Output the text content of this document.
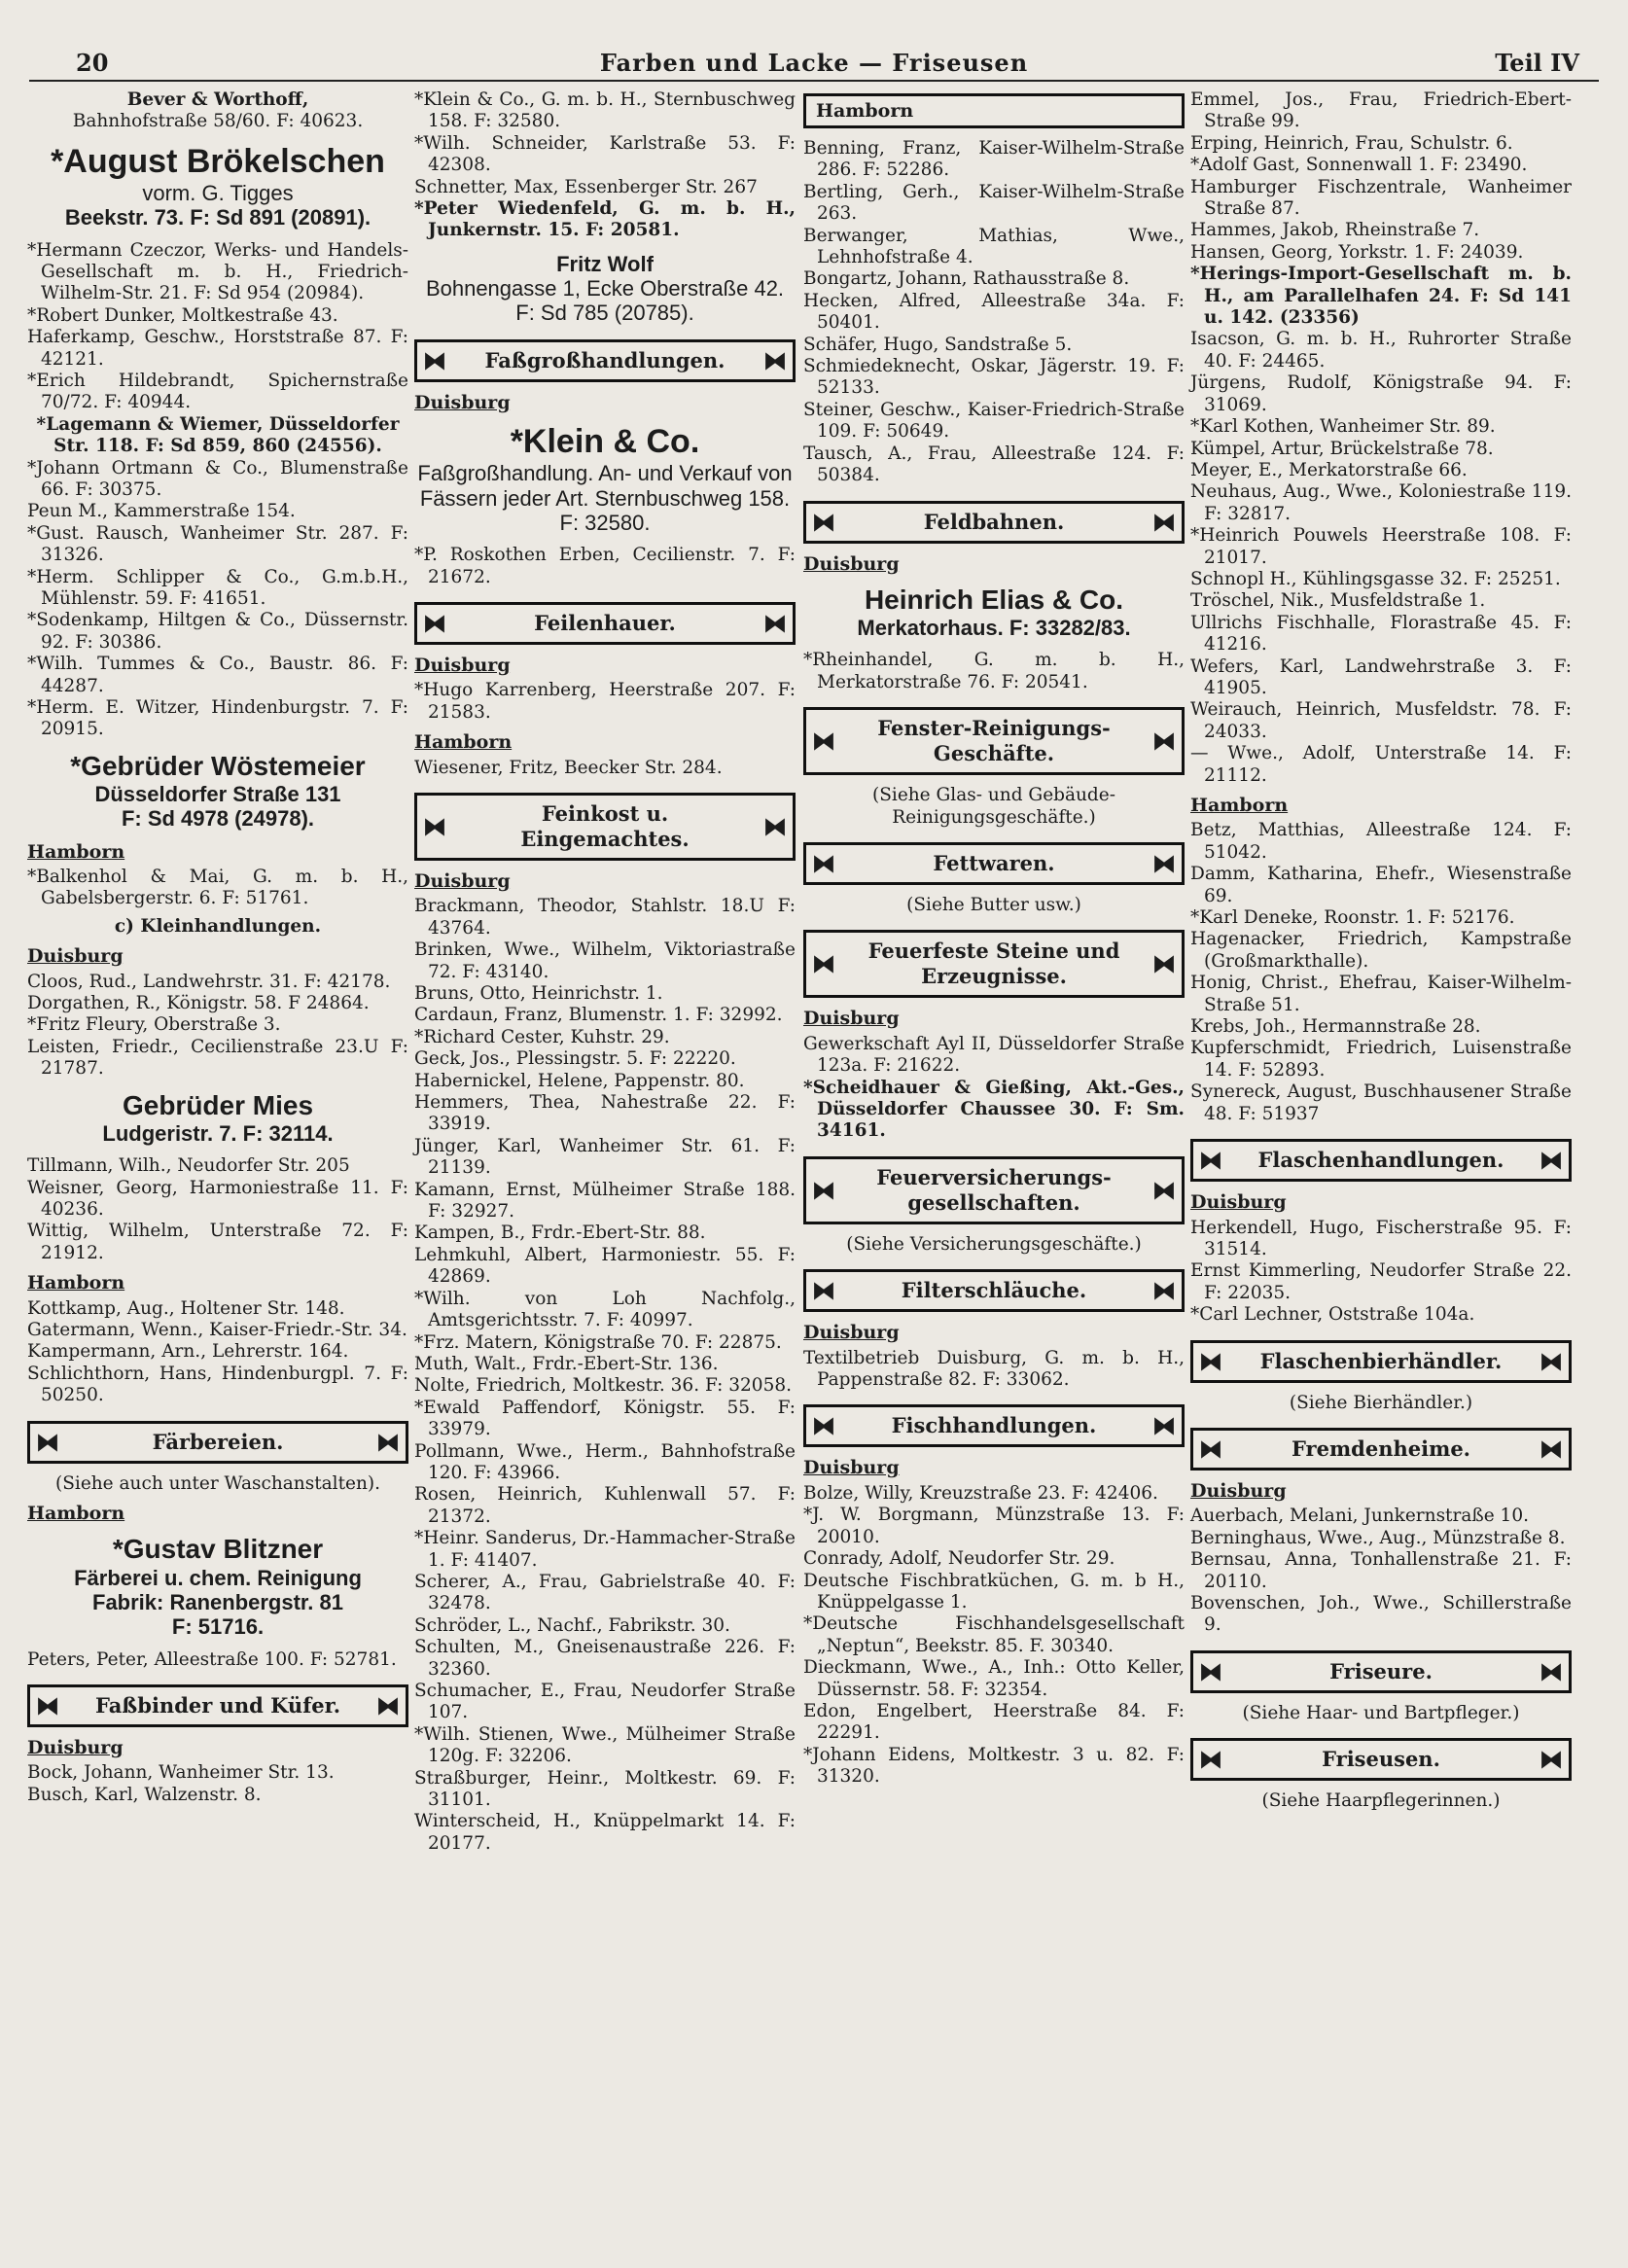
20	Farben und Lacke — Friseusen	Teil IV

Bever & Worthoff,

Bahnhofstraße 58/60. F: 40623.

*August Brökelschen
vorm. G. Tigges
Beekstr. 73. F: Sd 891 (20891).

*Hermann Czeczor, Werks- und Handels-Gesellschaft m. b. H., Friedrich-Wilhelm-Str. 21. F: Sd 954 (20984).

*Robert Dunker, Moltkestraße 43.

Haferkamp, Geschw., Horststraße 87. F: 42121.

*Erich Hildebrandt, Spichernstraße 70/72. F: 40944.

*Lagemann & Wiemer, Düsseldorfer Str. 118. F: Sd 859, 860 (24556).

*Johann Ortmann & Co., Blumenstraße 66. F: 30375.

Peun M., Kammerstraße 154.

*Gust. Rausch, Wanheimer Str. 287. F: 31326.

*Herm. Schlipper & Co., G.m.b.H., Mühlenstr. 59. F: 41651.

*Sodenkamp, Hiltgen & Co., Düssernstr. 92. F: 30386.

*Wilh. Tummes & Co., Baustr. 86. F: 44287.

*Herm. E. Witzer, Hindenburgstr. 7. F: 20915.

*Gebrüder Wöstemeier
Düsseldorfer Straße 131
F: Sd 4978 (24978).
Hamborn

*Balkenhol & Mai, G. m. b. H., Gabelsbergerstr. 6. F: 51761.

c) Kleinhandlungen.
Duisburg

Cloos, Rud., Landwehrstr. 31. F: 42178.

Dorgathen, R., Königstr. 58. F 24864.

*Fritz Fleury, Oberstraße 3.

Leisten, Friedr., Cecilienstraße 23.U F: 21787.

Gebrüder Mies
Ludgeristr. 7. F: 32114.

Tillmann, Wilh., Neudorfer Str. 205

Weisner, Georg, Harmoniestraße 11. F: 40236.

Wittig, Wilhelm, Unterstraße 72. F: 21912.

Hamborn

Kottkamp, Aug., Holtener Str. 148.

Gatermann, Wenn., Kaiser-Friedr.-Str. 34.

Kampermann, Arn., Lehrerstr. 164.

Schlichthorn, Hans, Hindenburgpl. 7. F: 50250.

⧓	Färbereien.	⧓
(Siehe auch unter Waschanstalten).
Hamborn
*Gustav Blitzner
Färberei u. chem. Reinigung
Fabrik: Ranenbergstr. 81
F: 51716.

Peters, Peter, Alleestraße 100. F: 52781.

⧓ Faßbinder und Küfer. ⧓
Duisburg

Bock, Johann, Wanheimer Str. 13.

Busch, Karl, Walzenstr. 8.

*Klein & Co., G. m. b. H., Sternbuschweg 158. F: 32580.

*Wilh. Schneider, Karlstraße 53. F: 42308.

Schnetter, Max, Essenberger Str. 267

*Peter Wiedenfeld, G. m. b. H., Junkernstr. 15. F: 20581.

Fritz Wolf
Bohnengasse 1, Ecke Oberstraße 42. F: Sd 785 (20785).
⧓ Faßgroßhandlungen. ⧓
Duisburg
*Klein & Co.
Faßgroßhandlung. An- und Verkauf von Fässern jeder Art. Sternbuschweg 158.
F: 32580.

*P. Roskothen Erben, Cecilienstr. 7. F: 21672.

⧓	Feilenhauer.	⧓
Duisburg

*Hugo Karrenberg, Heerstraße 207. F: 21583.

Hamborn

Wiesener, Fritz, Beecker Str. 284.

⧓	Feinkost u. Eingemachtes.	⧓
Duisburg

Brackmann, Theodor, Stahlstr. 18.U F: 43764.

Brinken, Wwe., Wilhelm, Viktoriastraße 72. F: 43140.

Bruns, Otto, Heinrichstr. 1.

Cardaun, Franz, Blumenstr. 1. F: 32992.

*Richard Cester, Kuhstr. 29.

Geck, Jos., Plessingstr. 5. F: 22220.

Habernickel, Helene, Pappenstr. 80.

Hemmers, Thea, Nahestraße 22. F: 33919.

Jünger, Karl, Wanheimer Str. 61. F: 21139.

Kamann, Ernst, Mülheimer Straße 188. F: 32927.

Kampen, B., Frdr.-Ebert-Str. 88.

Lehmkuhl, Albert, Harmoniestr. 55. F: 42869.

*Wilh. von Loh Nachfolg., Amtsgerichtsstr. 7. F: 40997.

*Frz. Matern, Königstraße 70. F: 22875.

Muth, Walt., Frdr.-Ebert-Str. 136.

Nolte, Friedrich, Moltkestr. 36. F: 32058.

*Ewald Paffendorf, Königstr. 55. F: 33979.

Pollmann, Wwe., Herm., Bahnhofstraße 120. F: 43966.

Rosen, Heinrich, Kuhlenwall 57. F: 21372.

*Heinr. Sanderus, Dr.-Hammacher-Straße 1. F: 41407.

Scherer, A., Frau, Gabrielstraße 40. F: 32478.

Schröder, L., Nachf., Fabrikstr. 30.

Schulten, M., Gneisenaustraße 226. F: 32360.

Schumacher, E., Frau, Neudorfer Straße 107.

*Wilh. Stienen, Wwe., Mülheimer Straße 120g. F: 32206.

Straßburger, Heinr., Moltkestr. 69. F: 31101.

Winterscheid, H., Knüppelmarkt 14. F: 20177.

Hamborn

Benning, Franz, Kaiser-Wilhelm-Straße 286. F: 52286.

Bertling, Gerh., Kaiser-Wilhelm-Straße 263.

Berwanger, Mathias, Wwe., Lehnhofstraße 4.

Bongartz, Johann, Rathausstraße 8.

Hecken, Alfred, Alleestraße 34a. F: 50401.

Schäfer, Hugo, Sandstraße 5.

Schmiedeknecht, Oskar, Jägerstr. 19. F: 52133.

Steiner, Geschw., Kaiser-Friedrich-Straße 109. F: 50649.

Tausch, A., Frau, Alleestraße 124. F: 50384.

⧓	Feldbahnen.	⧓
Duisburg
Heinrich Elias & Co.
Merkatorhaus. F: 33282/83.

*Rheinhandel, G. m. b. H., Merkatorstraße 76. F: 20541.

⧓ Fenster-Reinigungs-Geschäfte.	⧓
(Siehe Glas- und Gebäude-Reinigungsgeschäfte.)
⧓	Fettwaren.	⧓
(Siehe Butter usw.)
⧓ Feuerfeste Steine und Erzeugnisse.	⧓
Duisburg

Gewerkschaft Ayl II, Düsseldorfer Straße 123a. F: 21622.

*Scheidhauer & Gießing, Akt.-Ges., Düsseldorfer Chaussee 30. F: Sm. 34161.

⧓ Feuerversicherungs-gesellschaften.	⧓
(Siehe Versicherungsgeschäfte.)
⧓	Filterschläuche.	⧓
Duisburg

Textilbetrieb Duisburg, G. m. b. H., Pappenstraße 82. F: 33062.

⧓	Fischhandlungen. ⧓
Duisburg

Bolze, Willy, Kreuzstraße 23. F: 42406.

*J. W. Borgmann, Münzstraße 13. F: 20010.

Conrady, Adolf, Neudorfer Str. 29.

Deutsche Fischbratküchen, G. m. b H., Knüppelgasse 1.

*Deutsche Fischhandelsgesellschaft „Neptun“, Beekstr. 85. F. 30340.

Dieckmann, Wwe., A., Inh.: Otto Keller, Düssernstr. 58. F: 32354.

Edon, Engelbert, Heerstraße 84. F: 22291.

*Johann Eidens, Moltkestr. 3 u. 82. F: 31320.

Emmel, Jos., Frau, Friedrich-Ebert-Straße 99.

Erping, Heinrich, Frau, Schulstr. 6.

*Adolf Gast, Sonnenwall 1. F: 23490.

Hamburger Fischzentrale, Wanheimer Straße 87.

Hammes, Jakob, Rheinstraße 7.

Hansen, Georg, Yorkstr. 1. F: 24039.

*Herings-Import-Gesellschaft m. b. H., am Parallelhafen 24. F: Sd 141 u. 142. (23356)

Isacson, G. m. b. H., Ruhrorter Straße 40. F: 24465.

Jürgens, Rudolf, Königstraße 94. F: 31069.

*Karl Kothen, Wanheimer Str. 89.

Kümpel, Artur, Brückelstraße 78.

Meyer, E., Merkatorstraße 66.

Neuhaus, Aug., Wwe., Koloniestraße 119. F: 32817.

*Heinrich Pouwels Heerstraße 108. F: 21017.

Schnopl H., Kühlingsgasse 32. F: 25251.

Tröschel, Nik., Musfeldstraße 1.

Ullrichs Fischhalle, Florastraße 45. F: 41216.

Wefers, Karl, Landwehrstraße 3. F: 41905.

Weirauch, Heinrich, Musfeldstr. 78. F: 24033.

— Wwe., Adolf, Unterstraße 14. F: 21112.

Hamborn

Betz, Matthias, Alleestraße 124. F: 51042.

Damm, Katharina, Ehefr., Wiesenstraße 69.

*Karl Deneke, Roonstr. 1. F: 52176.

Hagenacker, Friedrich, Kampstraße (Großmarkthalle).

Honig, Christ., Ehefrau, Kaiser-Wilhelm-Straße 51.

Krebs, Joh., Hermannstraße 28.

Kupferschmidt, Friedrich, Luisenstraße 14. F: 52893.

Synereck, August, Buschhausener Straße 48. F: 51937

⧓ Flaschenhandlungen. ⧓
Duisburg

Herkendell, Hugo, Fischerstraße 95. F: 31514.

Ernst Kimmerling, Neudorfer Straße 22. F: 22035.

*Carl Lechner, Oststraße 104a.

⧓ Flaschenbierhändler. ⧓
(Siehe Bierhändler.)
⧓	Fremdenheime.	⧓
Duisburg

Auerbach, Melani, Junkernstraße 10.

Berninghaus, Wwe., Aug., Münzstraße 8.

Bernsau, Anna, Tonhallenstraße 21. F: 20110.

Bovenschen, Joh., Wwe., Schillerstraße 9.

⧓	Friseure.	⧓
(Siehe Haar- und Bartpfleger.)
⧓	Friseusen.	⧓
(Siehe Haarpflegerinnen.)
